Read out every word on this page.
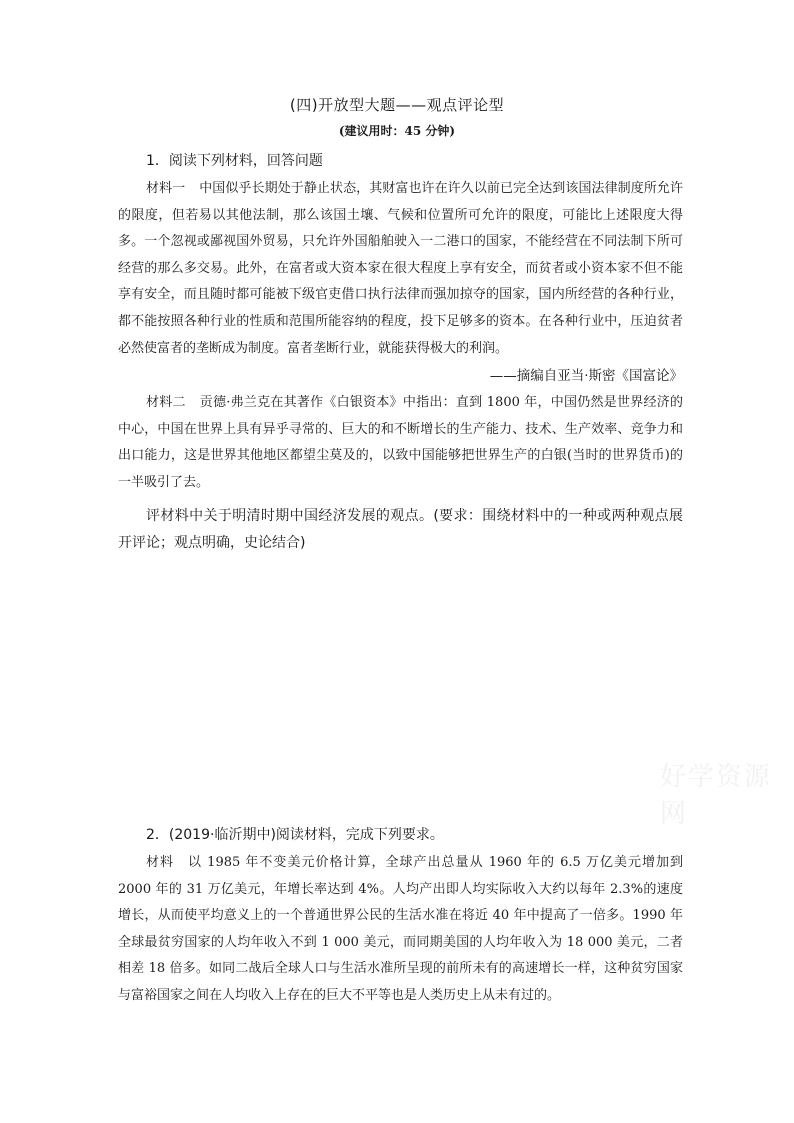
(四)开放型大题——观点评论型
(建议用时：45 分钟)
1．阅读下列材料，回答问题
材料一 中国似乎长期处于静止状态，其财富也许在许久以前已完全达到该国法律制度所允许的限度，但若易以其他法制，那么该国土壤、气候和位置所可允许的限度，可能比上述限度大得多。一个忽视或鄙视国外贸易，只允许外国船舶驶入一二港口的国家，不能经营在不同法制下所可经营的那么多交易。此外，在富者或大资本家在很大程度上享有安全，而贫者或小资本家不但不能享有安全，而且随时都可能被下级官吏借口执行法律而强加掠夺的国家，国内所经营的各种行业，都不能按照各种行业的性质和范围所能容纳的程度，投下足够多的资本。在各种行业中，压迫贫者必然使富者的垄断成为制度。富者垄断行业，就能获得极大的利润。
——摘编自亚当·斯密《国富论》
材料二 贡德·弗兰克在其著作《白银资本》中指出：直到 1800 年，中国仍然是世界经济的中心，中国在世界上具有异乎寻常的、巨大的和不断增长的生产能力、技术、生产效率、竞争力和出口能力，这是世界其他地区都望尘莫及的，以致中国能够把世界生产的白银(当时的世界货币)的一半吸引了去。
评材料中关于明清时期中国经济发展的观点。(要求：围绕材料中的一种或两种观点展开评论；观点明确，史论结合)
好学资源网
2．(2019·临沂期中)阅读材料，完成下列要求。
材料 以 1985 年不变美元价格计算，全球产出总量从 1960 年的 6.5 万亿美元增加到 2000 年的 31 万亿美元，年增长率达到 4%。人均产出即人均实际收入大约以每年 2.3%的速度增长，从而使平均意义上的一个普通世界公民的生活水准在将近 40 年中提高了一倍多。1990 年全球最贫穷国家的人均年收入不到 1 000 美元，而同期美国的人均年收入为 18 000 美元，二者相差 18 倍多。如同二战后全球人口与生活水准所呈现的前所未有的高速增长一样，这种贫穷国家与富裕国家之间在人均收入上存在的巨大不平等也是人类历史上从未有过的。
